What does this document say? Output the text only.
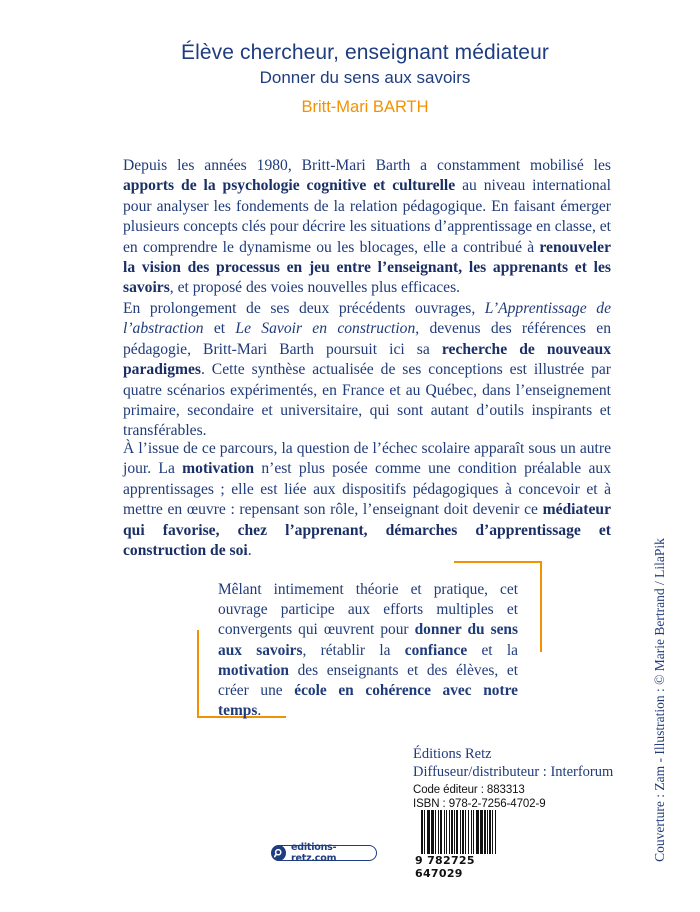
Élève chercheur, enseignant médiateur
Donner du sens aux savoirs
Britt-Mari BARTH
Depuis les années 1980, Britt-Mari Barth a constamment mobilisé les apports de la psychologie cognitive et culturelle au niveau international pour analyser les fondements de la relation pédagogique. En faisant émerger plusieurs concepts clés pour décrire les situations d’apprentissage en classe, et en comprendre le dynamisme ou les blocages, elle a contribué à renouveler la vision des processus en jeu entre l’enseignant, les apprenants et les savoirs, et proposé des voies nouvelles plus efficaces.
En prolongement de ses deux précédents ouvrages, L’Apprentissage de l’abstraction et Le Savoir en construction, devenus des références en pédagogie, Britt-Mari Barth poursuit ici sa recherche de nouveaux paradigmes. Cette synthèse actualisée de ses conceptions est illustrée par quatre scénarios expérimentés, en France et au Québec, dans l’enseignement primaire, secondaire et universitaire, qui sont autant d’outils inspirants et transférables.
À l’issue de ce parcours, la question de l’échec scolaire apparaît sous un autre jour. La motivation n’est plus posée comme une condition préalable aux apprentissages ; elle est liée aux dispositifs pédagogiques à concevoir et à mettre en œuvre : repensant son rôle, l’enseignant doit devenir ce médiateur qui favorise, chez l’apprenant, démarches d’apprentissage et construction de soi.
Mêlant intimement théorie et pratique, cet ouvrage participe aux efforts multiples et convergents qui œuvrent pour donner du sens aux savoirs, rétablir la confiance et la motivation des enseignants et des élèves, et créer une école en cohérence avec notre temps.
Éditions Retz
Diffuseur/distributeur : Interforum
Code éditeur : 883313
ISBN : 978-2-7256-4702-9
9 782725 647029
editions-retz.com	Couverture : Zam - Illustration : © Marie Bertrand / LilaPik
